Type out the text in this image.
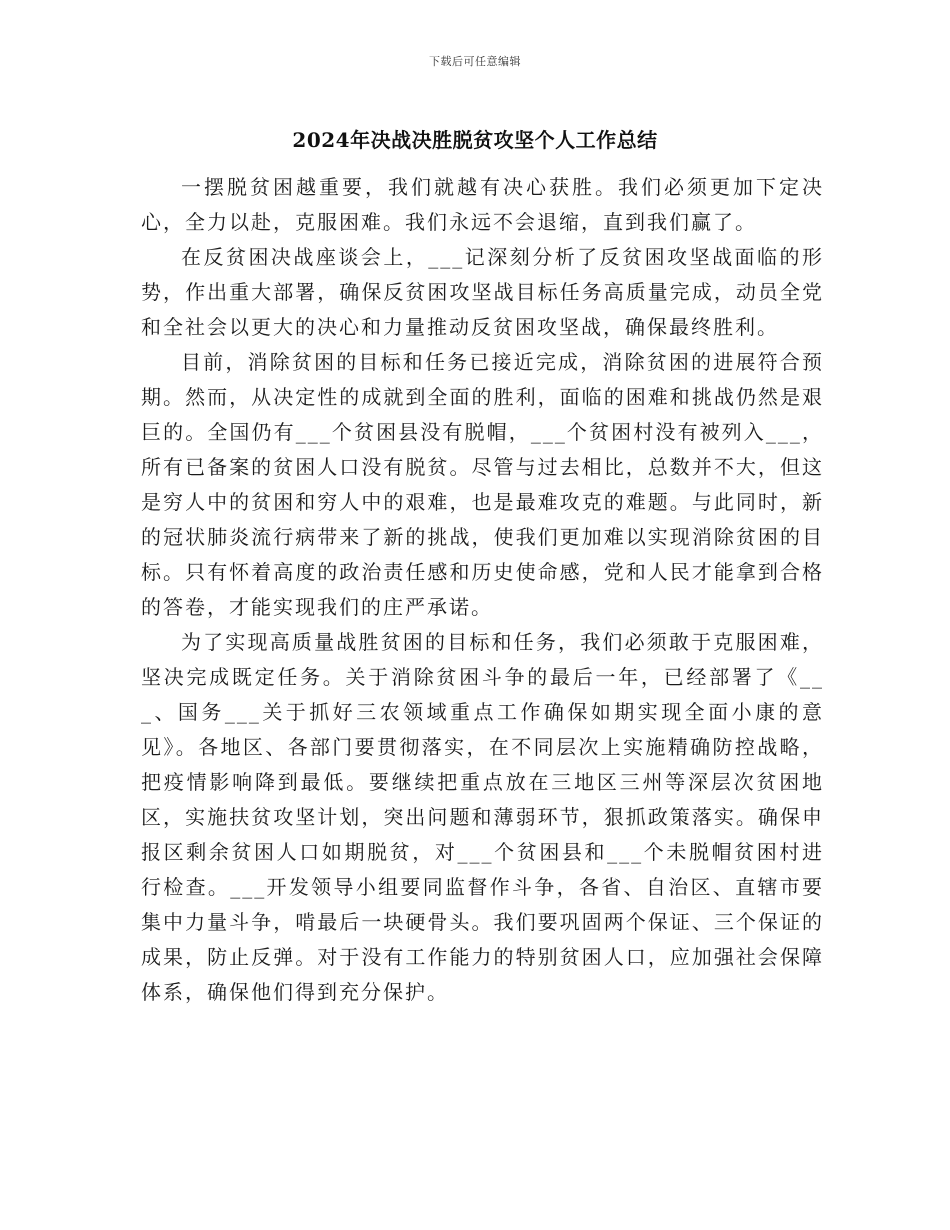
下载后可任意编辑
2024年决战决胜脱贫攻坚个人工作总结

一摆脱贫困越重要，我们就越有决心获胜。我们必须更加下定决心，全力以赴，克服困难。我们永远不会退缩，直到我们赢了。

在反贫困决战座谈会上，___记深刻分析了反贫困攻坚战面临的形势，作出重大部署，确保反贫困攻坚战目标任务高质量完成，动员全党和全社会以更大的决心和力量推动反贫困攻坚战，确保最终胜利。

目前，消除贫困的目标和任务已接近完成，消除贫困的进展符合预期。然而，从决定性的成就到全面的胜利，面临的困难和挑战仍然是艰巨的。全国仍有___个贫困县没有脱帽，___个贫困村没有被列入___，所有已备案的贫困人口没有脱贫。尽管与过去相比，总数并不大，但这是穷人中的贫困和穷人中的艰难，也是最难攻克的难题。与此同时，新的冠状肺炎流行病带来了新的挑战，使我们更加难以实现消除贫困的目标。只有怀着高度的政治责任感和历史使命感，党和人民才能拿到合格的答卷，才能实现我们的庄严承诺。

为了实现高质量战胜贫困的目标和任务，我们必须敢于克服困难，坚决完成既定任务。关于消除贫困斗争的最后一年，已经部署了《___、国务___关于抓好三农领域重点工作确保如期实现全面小康的意见》。各地区、各部门要贯彻落实，在不同层次上实施精确防控战略，把疫情影响降到最低。要继续把重点放在三地区三州等深层次贫困地区，实施扶贫攻坚计划，突出问题和薄弱环节，狠抓政策落实。确保申报区剩余贫困人口如期脱贫，对___个贫困县和___个未脱帽贫困村进行检查。___开发领导小组要同监督作斗争，各省、自治区、直辖市要集中力量斗争，啃最后一块硬骨头。我们要巩固两个保证、三个保证的成果，防止反弹。对于没有工作能力的特别贫困人口，应加强社会保障体系，确保他们得到充分保护。
